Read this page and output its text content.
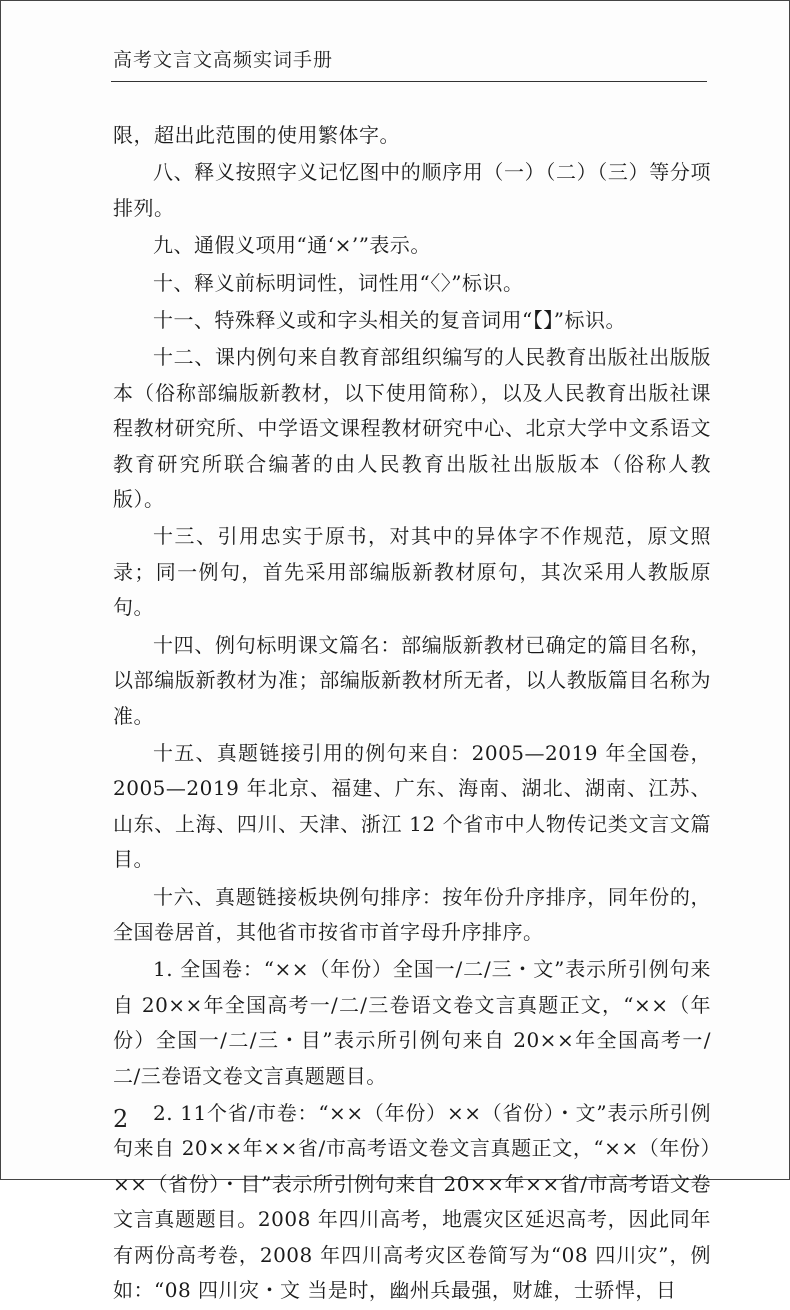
高考文言文高频实词手册

限，超出此范围的使用繁体字。

八、释义按照字义记忆图中的顺序用（一）（二）（三）等分项排列。

九、通假义项用“通‘×’”表示。

十、释义前标明词性，词性用“〈〉”标识。

十一、特殊释义或和字头相关的复音词用“【】”标识。

十二、课内例句来自教育部组织编写的人民教育出版社出版版本（俗称部编版新教材，以下使用简称），以及人民教育出版社课程教材研究所、中学语文课程教材研究中心、北京大学中文系语文教育研究所联合编著的由人民教育出版社出版版本（俗称人教版）。

十三、引用忠实于原书，对其中的异体字不作规范，原文照录；同一例句，首先采用部编版新教材原句，其次采用人教版原句。

十四、例句标明课文篇名：部编版新教材已确定的篇目名称，以部编版新教材为准；部编版新教材所无者，以人教版篇目名称为准。

十五、真题链接引用的例句来自：2005—2019 年全国卷，2005—2019 年北京、福建、广东、海南、湖北、湖南、江苏、山东、上海、四川、天津、浙江 12 个省市中人物传记类文言文篇目。

十六、真题链接板块例句排序：按年份升序排序，同年份的，全国卷居首，其他省市按省市首字母升序排序。

1. 全国卷：“××（年份）全国一/二/三・文”表示所引例句来自 20××年全国高考一/二/三卷语文卷文言真题正文，“××（年份）全国一/二/三・目”表示所引例句来自 20××年全国高考一/二/三卷语文卷文言真题题目。

2. 11个省/市卷：“××（年份）××（省份）・文”表示所引例句来自 20××年××省/市高考语文卷文言真题正文，“××（年份）××（省份）・目”表示所引例句来自 20××年××省/市高考语文卷文言真题题目。2008 年四川高考，地震灾区延迟高考，因此同年有两份高考卷，2008 年四川高考灾区卷简写为“08 四川灾”，例如：“08 四川灾・文 当是时，幽州兵最强，财雄，士骄悍，日

2
